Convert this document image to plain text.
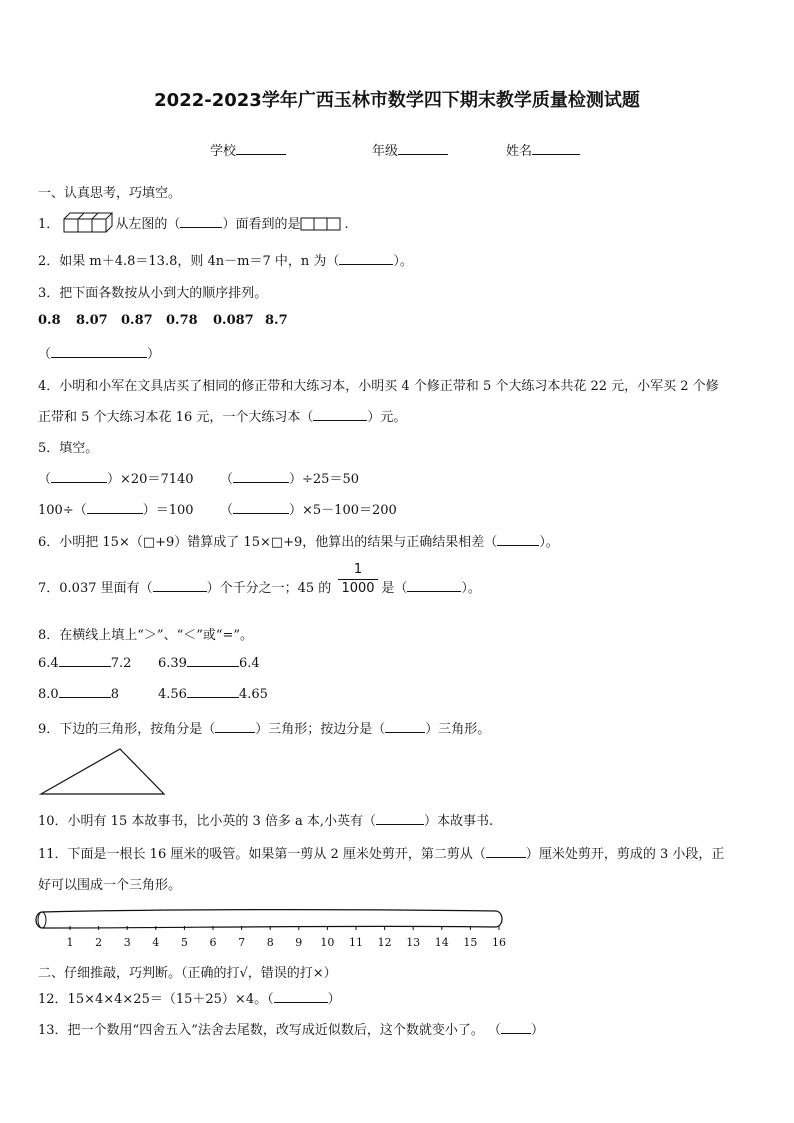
2022-2023学年广西玉林市数学四下期末教学质量检测试题
学校	年级	姓名
一、认真思考，巧填空。
1．	从左图的（	）面看到的是	.
2．如果 m＋4.8＝13.8，则 4n－m＝7 中，n 为（	）。
3．把下面各数按从小到大的顺序排列。
0.8 8.07 0.87 0.78 0.087 8.7
（	）
4．小明和小军在文具店买了相同的修正带和大练习本，小明买 4 个修正带和 5 个大练习本共花 22 元，小军买 2 个修
正带和 5 个大练习本花 16 元，一个大练习本（	）元。
5．填空。
（	）×20＝7140 （	）÷25＝50
100÷（	）＝100 （	）×5－100＝200
6．小明把 15×（□+9）错算成了 15×□+9，他算出的结果与正确结果相差（	）。
7．0.037 里面有（	）个千分之一；45 的	是（	）。
1
1000
8．在横线上填上“＞”、“＜”或“=”。
6.4	7.2 6.39	6.4
8.0	8	4.56	4.65
9．下边的三角形，按角分是（	）三角形；按边分是（	）三角形。
10．小明有 15 本故事书，比小英的 3 倍多 a 本,小英有（	）本故事书.
11．下面是一根长 16 厘米的吸管。如果第一剪从 2 厘米处剪开，第二剪从（	）厘米处剪开，剪成的 3 小段，正
好可以围成一个三角形。
1 2 3 4 5 6 7 8 9 10 11 12 13 14 15 16
二、仔细推敲，巧判断。（正确的打√，错误的打×）
12．15×4×4×25＝（15＋25）×4。（	）
13．把一个数用“四舍五入”法舍去尾数，改写成近似数后，这个数就变小了。 （ ）
